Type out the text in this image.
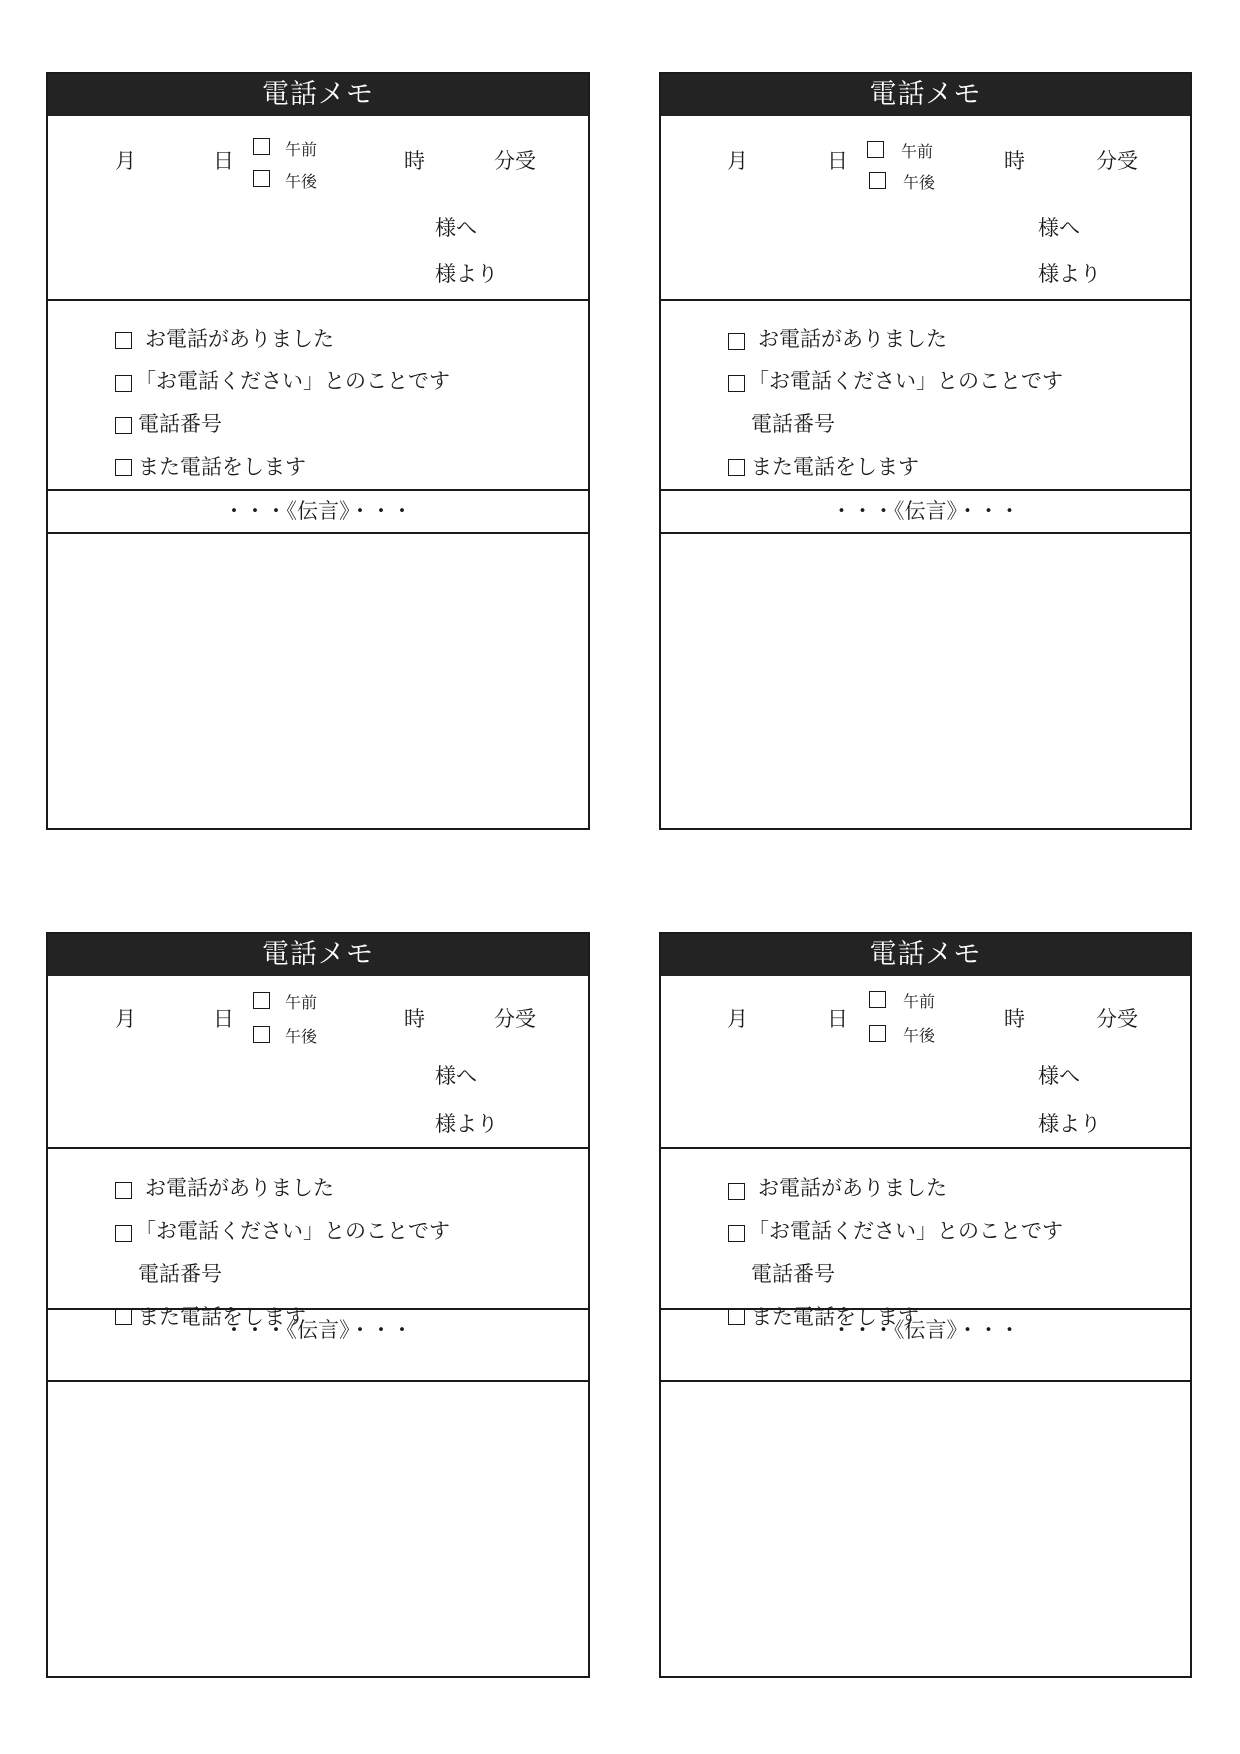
電話メモ
月	日	午前
午後
時	分受
様へ
様より
お電話がありました
「お電話ください」とのことです
電話番号
また電話をします
・・・《伝言》・・・
電話メモ
月	日	午前
午後
時	分受
様へ
様より
お電話がありました
「お電話ください」とのことです
電話番号
また電話をします
・・・《伝言》・・・
電話メモ
月	日
午前
午後
時	分受
様へ
様より
お電話がありました
「お電話ください」とのことです
電話番号
また電話をします
・・・《伝言》・・・
電話メモ
月	日
午前
午後
時	分受
様へ
様より
お電話がありました
「お電話ください」とのことです
電話番号
また電話をします
・・・《伝言》・・・
